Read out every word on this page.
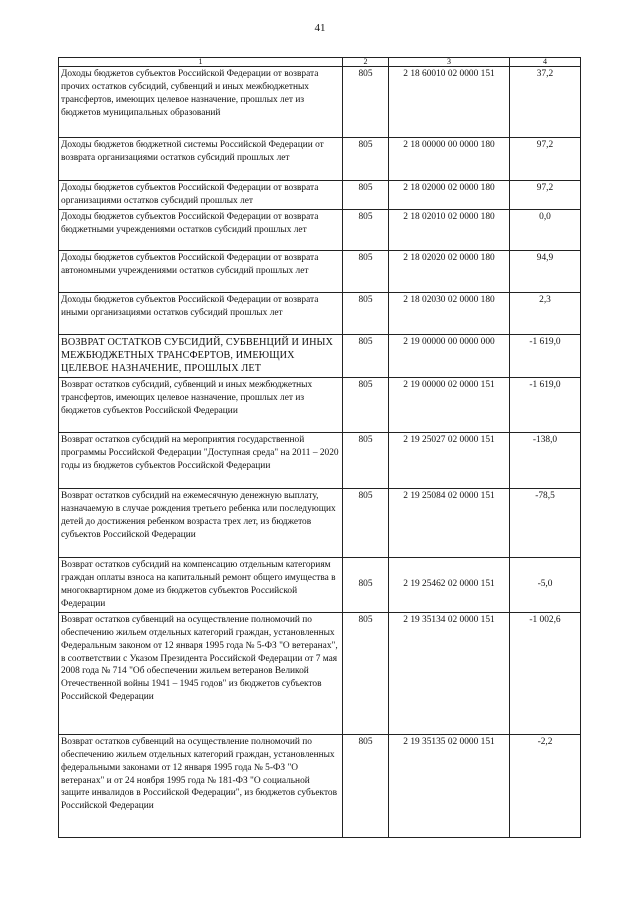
41
1	2	3	4
Доходы бюджетов субъектов Российской Федерации от возврата прочих остатков субсидий, субвенций и иных межбюджетных трансфертов, имеющих целевое назначение, прошлых лет из бюджетов муниципальных образований	805	2 18 60010 02 0000 151	37,2
Доходы бюджетов бюджетной системы Российской Федерации от возврата организациями остатков субсидий прошлых лет	805	2 18 00000 00 0000 180	97,2
Доходы бюджетов субъектов Российской Федерации от возврата организациями остатков субсидий прошлых лет	805	2 18 02000 02 0000 180	97,2
Доходы бюджетов субъектов Российской Федерации от возврата бюджетными учреждениями остатков субсидий прошлых лет	805	2 18 02010 02 0000 180	0,0
Доходы бюджетов субъектов Российской Федерации от возврата автономными учреждениями остатков субсидий прошлых лет	805	2 18 02020 02 0000 180	94,9
Доходы бюджетов субъектов Российской Федерации от возврата иными организациями остатков субсидий прошлых лет	805	2 18 02030 02 0000 180	2,3
ВОЗВРАТ ОСТАТКОВ СУБСИДИЙ, СУБВЕНЦИЙ И ИНЫХ МЕЖБЮДЖЕТНЫХ ТРАНСФЕРТОВ, ИМЕЮЩИХ ЦЕЛЕВОЕ НАЗНАЧЕНИЕ, ПРОШЛЫХ ЛЕТ	805	2 19 00000 00 0000 000	-1 619,0
Возврат остатков субсидий, субвенций и иных межбюджетных трансфертов, имеющих целевое назначение, прошлых лет из бюджетов субъектов Российской Федерации	805	2 19 00000 02 0000 151	-1 619,0
Возврат остатков субсидий на мероприятия государственной программы Российской Федерации "Доступная среда" на 2011 – 2020 годы из бюджетов субъектов Российской Федерации	805	2 19 25027 02 0000 151	-138,0
Возврат остатков субсидий на ежемесячную денежную выплату, назначаемую в случае рождения третьего ребенка или последующих детей до достижения ребенком возраста трех лет, из бюджетов субъектов Российской Федерации	805	2 19 25084 02 0000 151	-78,5
Возврат остатков субсидий на компенсацию отдельным категориям граждан оплаты взноса на капитальный ремонт общего имущества в многоквартирном доме из бюджетов субъектов Российской Федерации	805	2 19 25462 02 0000 151	-5,0
Возврат остатков субвенций на осуществление полномочий по обеспечению жильем отдельных категорий граждан, установленных Федеральным законом от 12 января 1995 года № 5-ФЗ "О ветеранах", в соответствии с Указом Президента Российской Федерации от 7 мая 2008 года № 714 "Об обеспечении жильем ветеранов Великой Отечественной войны 1941 – 1945 годов" из бюджетов субъектов Российской Федерации	805	2 19 35134 02 0000 151	-1 002,6
Возврат остатков субвенций на осуществление полномочий по обеспечению жильем отдельных категорий граждан, установленных федеральными законами от 12 января 1995 года № 5-ФЗ "О ветеранах" и от 24 ноября 1995 года № 181-ФЗ "О социальной защите инвалидов в Российской Федерации", из бюджетов субъектов Российской Федерации	805	2 19 35135 02 0000 151	-2,2
